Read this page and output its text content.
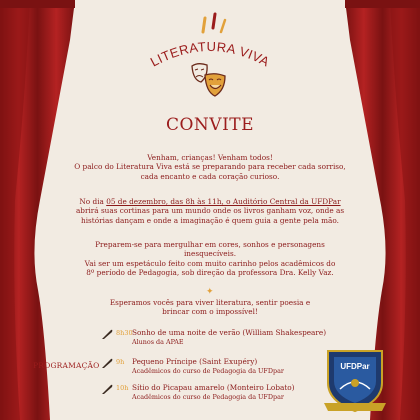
LITERATURA VIVA
CONVITE

Venham, crianças! Venham todos!

O palco do Literatura Viva está se preparando para receber cada sorriso,

cada encanto e cada coração curioso.

No dia 05 de dezembro, das 8h às 11h, o Auditório Central da UFDPar

abrirá suas cortinas para um mundo onde os livros ganham voz, onde as

histórias dançam e onde a imaginação é quem guia a gente pela mão.

Preparem-se para mergulhar em cores, sonhos e personagens

inesquecíveis.

Vai ser um espetáculo feito com muito carinho pelos acadêmicos do

8º período de Pedagogia, sob direção da professora Dra. Kelly Vaz.

✦

Esperamos vocês para viver literatura, sentir poesia e

brincar com o impossível!

PROGRAMAÇÃO
8h30 Sonho de uma noite de verão (William Shakespeare)
Alunos da APAE
9h Pequeno Príncipe (Saint Exupéry)
Acadêmicos do curso de Pedagogia da UFDpar
10h Sítio do Picapau amarelo (Monteiro Lobato)
Acadêmicos do curso de Pedagogia da UFDpar
UFDPar
